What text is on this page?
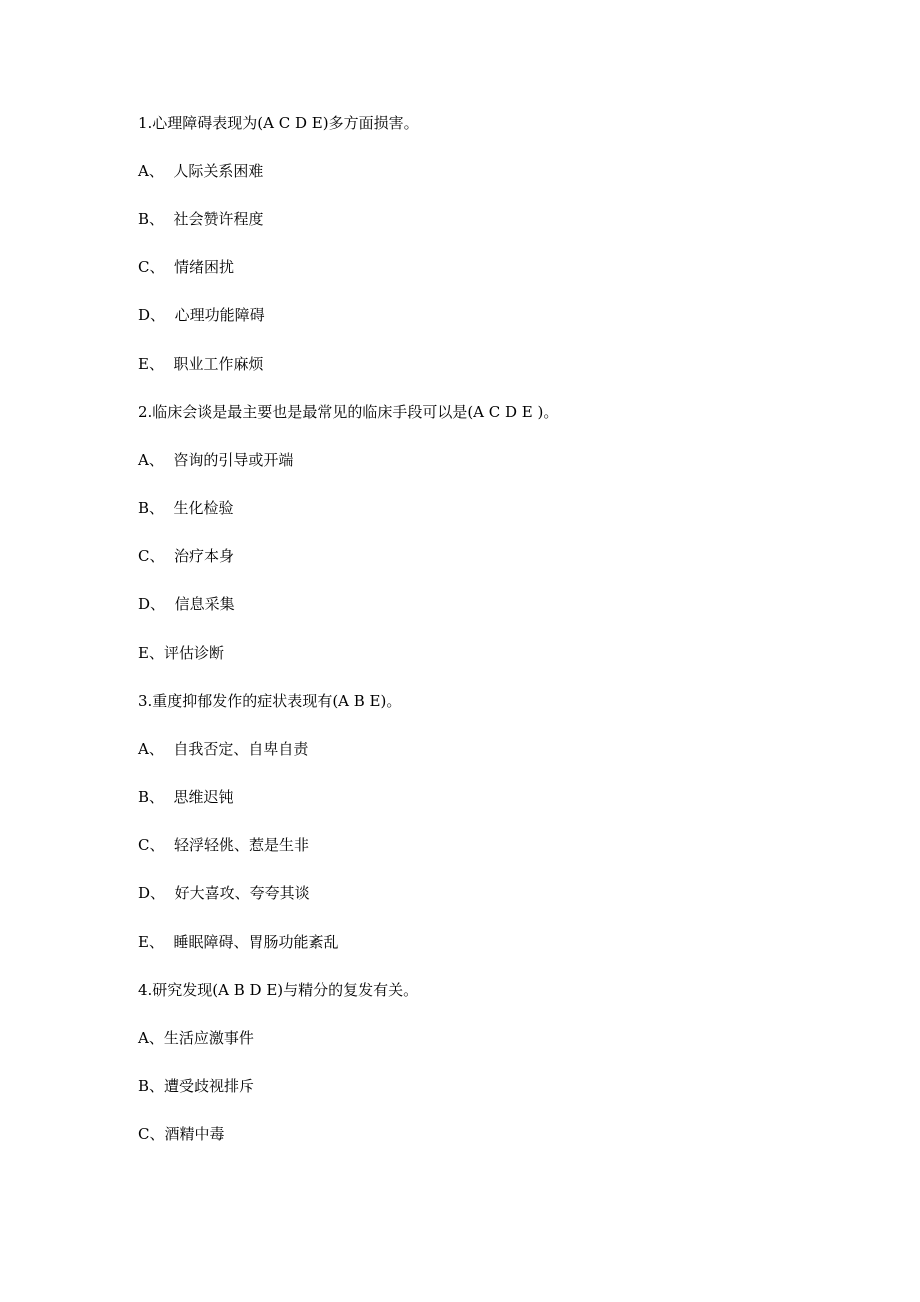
1.心理障碍表现为(A C D E)多方面损害。
A、  人际关系困难
B、  社会赞许程度
C、  情绪困扰
D、  心理功能障碍
E、  职业工作麻烦
2.临床会谈是最主要也是最常见的临床手段可以是(A C D E )。
A、  咨询的引导或开端
B、  生化检验
C、  治疗本身
D、  信息采集
E、评估诊断
3.重度抑郁发作的症状表现有(A B E)。
A、  自我否定、自卑自责
B、  思维迟钝
C、  轻浮轻佻、惹是生非
D、  好大喜攻、夸夸其谈
E、  睡眠障碍、胃肠功能紊乱
4.研究发现(A B D E)与精分的复发有关。
A、生活应激事件
B、遭受歧视排斥
C、酒精中毒
